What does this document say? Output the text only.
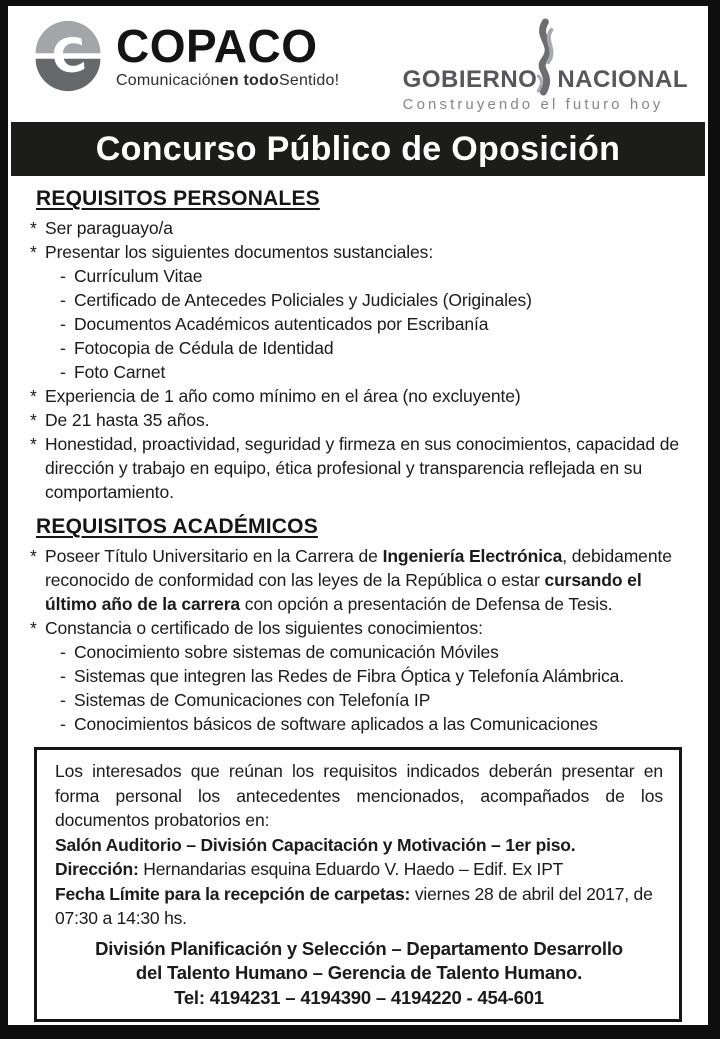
C COPACO
Comunicaciónen todoSentido!	GOBIERNO NACIONAL
Construyendo el futuro hoy
Concurso Público de Oposición
REQUISITOS PERSONALES
* Ser paraguayo/a
* Presentar los siguientes documentos sustanciales:
- Currículum Vitae
- Certificado de Antecedes Policiales y Judiciales (Originales)
- Documentos Académicos autenticados por Escribanía
- Fotocopia de Cédula de Identidad
- Foto Carnet
* Experiencia de 1 año como mínimo en el área (no excluyente)
* De 21 hasta 35 años.
* Honestidad, proactividad, seguridad y firmeza en sus conocimientos, capacidad de dirección y trabajo en equipo, ética profesional y transparencia reflejada en su comportamiento.
REQUISITOS ACADÉMICOS
* Poseer Título Universitario en la Carrera de Ingeniería Electrónica, debidamente reconocido de conformidad con las leyes de la República o estar cursando el último año de la carrera con opción a presentación de Defensa de Tesis.
* Constancia o certificado de los siguientes conocimientos:
- Conocimiento sobre sistemas de comunicación Móviles
- Sistemas que integren las Redes de Fibra Óptica y Telefonía Alámbrica.
- Sistemas de Comunicaciones con Telefonía IP
- Conocimientos básicos de software aplicados a las Comunicaciones
Los interesados que reúnan los requisitos indicados deberán presentar en forma personal los antecedentes mencionados, acompañados de los documentos probatorios en:
Salón Auditorio – División Capacitación y Motivación – 1er piso.
Dirección: Hernandarias esquina Eduardo V. Haedo – Edif. Ex IPT
Fecha Límite para la recepción de carpetas: viernes 28 de abril del 2017, de 07:30 a 14:30 hs.
División Planificación y Selección – Departamento Desarrollo
del Talento Humano – Gerencia de Talento Humano.
Tel: 4194231 – 4194390 – 4194220 - 454-601
